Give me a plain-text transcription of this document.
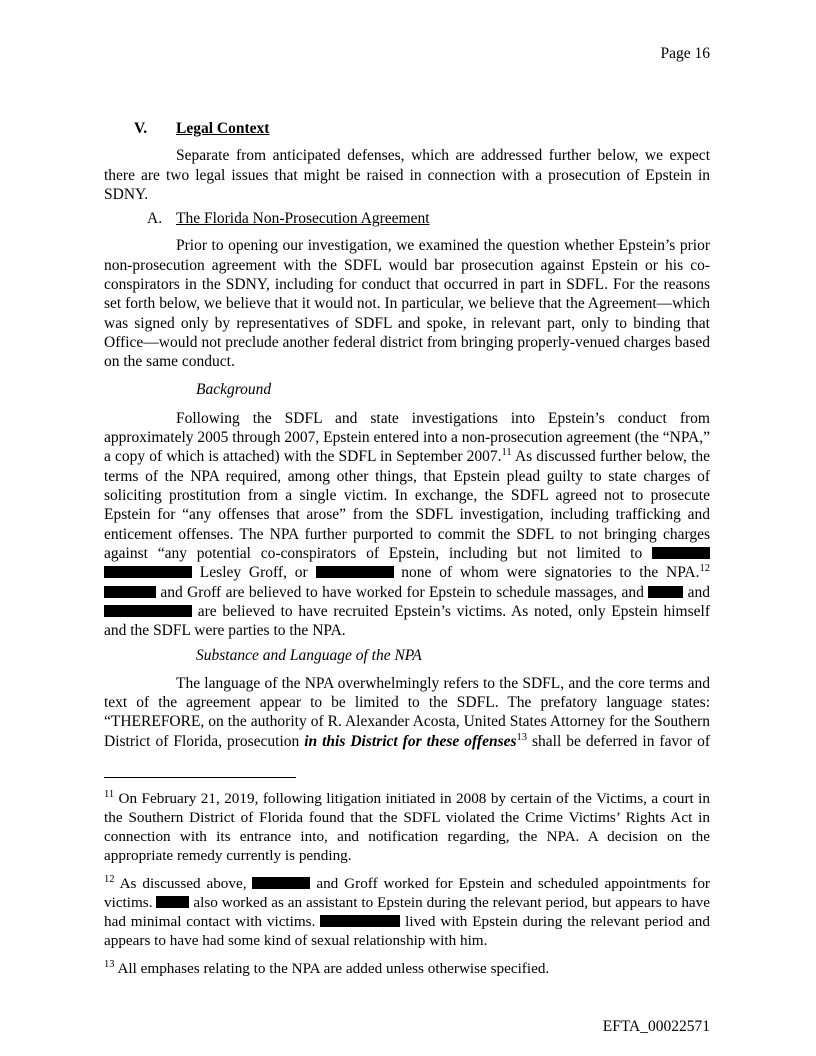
Page 16
V. Legal Context

Separate from anticipated defenses, which are addressed further below, we expect there are two legal issues that might be raised in connection with a prosecution of Epstein in SDNY.

A. The Florida Non-Prosecution Agreement

Prior to opening our investigation, we examined the question whether Epstein’s prior non-prosecution agreement with the SDFL would bar prosecution against Epstein or his co-conspirators in the SDNY, including for conduct that occurred in part in SDFL. For the reasons set forth below, we believe that it would not. In particular, we believe that the Agreement—which was signed only by representatives of SDFL and spoke, in relevant part, only to binding that Office—would not preclude another federal district from bringing properly-venued charges based on the same conduct.

Background

Following the SDFL and state investigations into Epstein’s conduct from approximately 2005 through 2007, Epstein entered into a non-prosecution agreement (the “NPA,” a copy of which is attached) with the SDFL in September 2007.11 As discussed further below, the terms of the NPA required, among other things, that Epstein plead guilty to state charges of soliciting prostitution from a single victim. In exchange, the SDFL agreed not to prosecute Epstein for “any offenses that arose” from the SDFL investigation, including trafficking and enticement offenses. The NPA further purported to commit the SDFL to not bringing charges against “any potential co-conspirators of Epstein, including but not limited to   Lesley Groff, or	none of whom were signatories to the NPA.$^{12}$  and Groff are believed to have worked for Epstein to schedule massages, and  and  are believed to have recruited Epstein’s victims. As noted, only Epstein himself and the SDFL were parties to the NPA.

Substance and Language of the NPA

The language of the NPA overwhelmingly refers to the SDFL, and the core terms and text of the agreement appear to be limited to the SDFL. The prefatory language states: “THEREFORE, on the authority of R. Alexander Acosta, United States Attorney for the Southern District of Florida, prosecution in this District for these offenses$^{13}$ shall be deferred in favor of

$^{11}$ On February 21, 2019, following litigation initiated in 2008 by certain of the Victims, a court in the Southern District of Florida found that the SDFL violated the Crime Victims’ Rights Act in connection with its entrance into, and notification regarding, the NPA. A decision on the appropriate remedy currently is pending.

$^{12}$ As discussed above,	and Groff worked for Epstein and scheduled appointments for victims.  also worked as an assistant to Epstein during the relevant period, but appears to have had minimal contact with victims.	lived with Epstein during the relevant period and appears to have had some kind of sexual relationship with him.

$^{13}$ All emphases relating to the NPA are added unless otherwise specified.

EFTA_00022571
